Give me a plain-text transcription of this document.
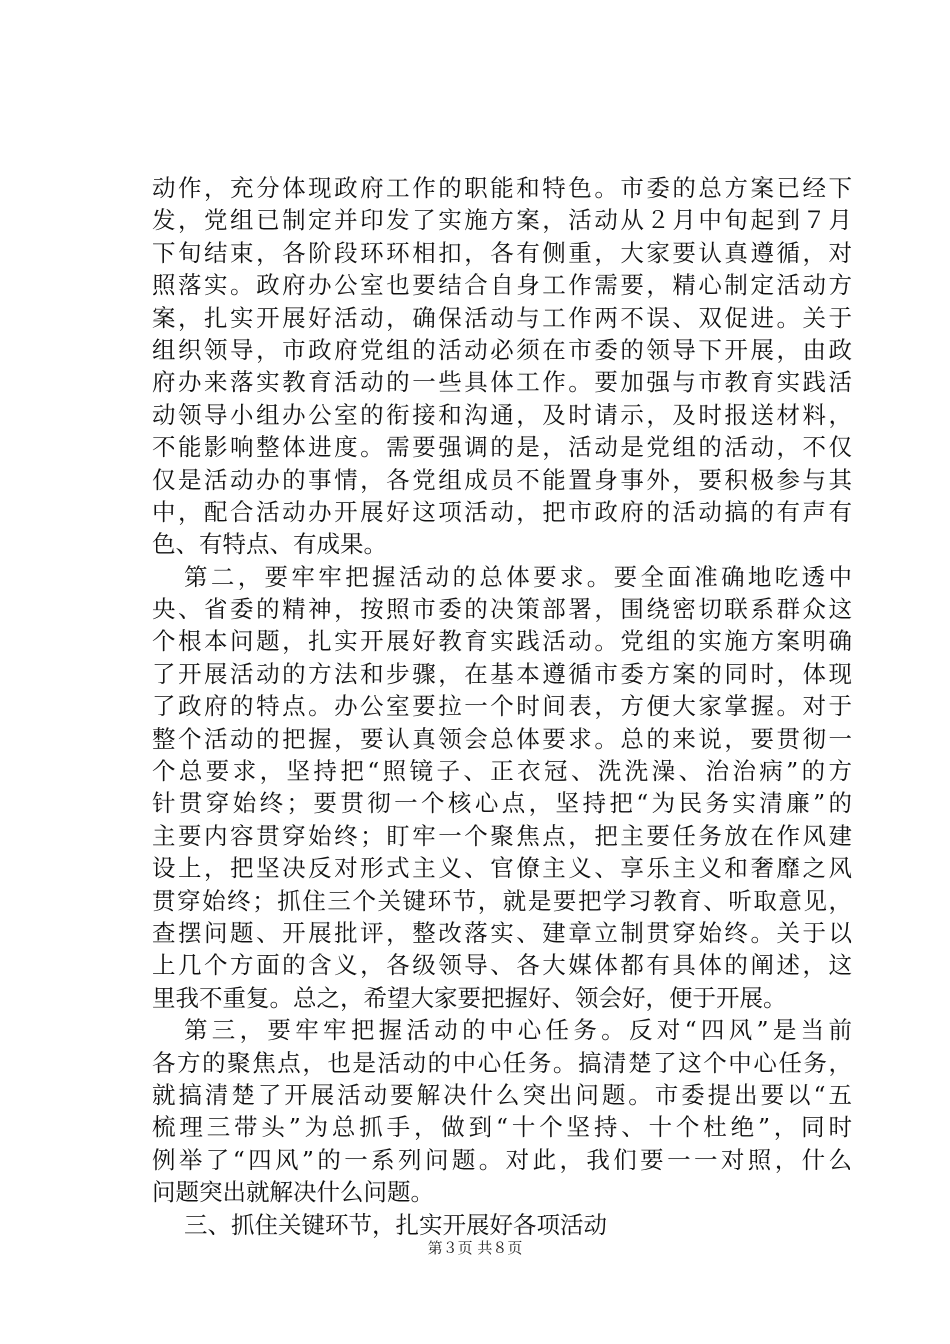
动作，充分体现政府工作的职能和特色。市委的总方案已经下
发，党组已制定并印发了实施方案，活动从２月中旬起到７月
下旬结束，各阶段环环相扣，各有侧重，大家要认真遵循，对
照落实。政府办公室也要结合自身工作需要，精心制定活动方
案，扎实开展好活动，确保活动与工作两不误、双促进。关于
组织领导，市政府党组的活动必须在市委的领导下开展，由政
府办来落实教育活动的一些具体工作。要加强与市教育实践活
动领导小组办公室的衔接和沟通，及时请示，及时报送材料，
不能影响整体进度。需要强调的是，活动是党组的活动，不仅
仅是活动办的事情，各党组成员不能置身事外，要积极参与其
中，配合活动办开展好这项活动，把市政府的活动搞的有声有
色、有特点、有成果。
第二，要牢牢把握活动的总体要求。要全面准确地吃透中
央、省委的精神，按照市委的决策部署，围绕密切联系群众这
个根本问题，扎实开展好教育实践活动。党组的实施方案明确
了开展活动的方法和步骤，在基本遵循市委方案的同时，体现
了政府的特点。办公室要拉一个时间表，方便大家掌握。对于
整个活动的把握，要认真领会总体要求。总的来说，要贯彻一
个总要求，坚持把“照镜子、正衣冠、洗洗澡、治治病”的方
针贯穿始终；要贯彻一个核心点，坚持把“为民务实清廉”的
主要内容贯穿始终；盯牢一个聚焦点，把主要任务放在作风建
设上，把坚决反对形式主义、官僚主义、享乐主义和奢靡之风
贯穿始终；抓住三个关键环节，就是要把学习教育、听取意见，
查摆问题、开展批评，整改落实、建章立制贯穿始终。关于以
上几个方面的含义，各级领导、各大媒体都有具体的阐述，这
里我不重复。总之，希望大家要把握好、领会好，便于开展。
第三，要牢牢把握活动的中心任务。反对“四风”是当前
各方的聚焦点，也是活动的中心任务。搞清楚了这个中心任务，
就搞清楚了开展活动要解决什么突出问题。市委提出要以“五
梳理三带头”为总抓手，做到“十个坚持、十个杜绝”，同时
例举了“四风”的一系列问题。对此，我们要一一对照，什么
问题突出就解决什么问题。
三、抓住关键环节，扎实开展好各项活动
第３页 共８页
